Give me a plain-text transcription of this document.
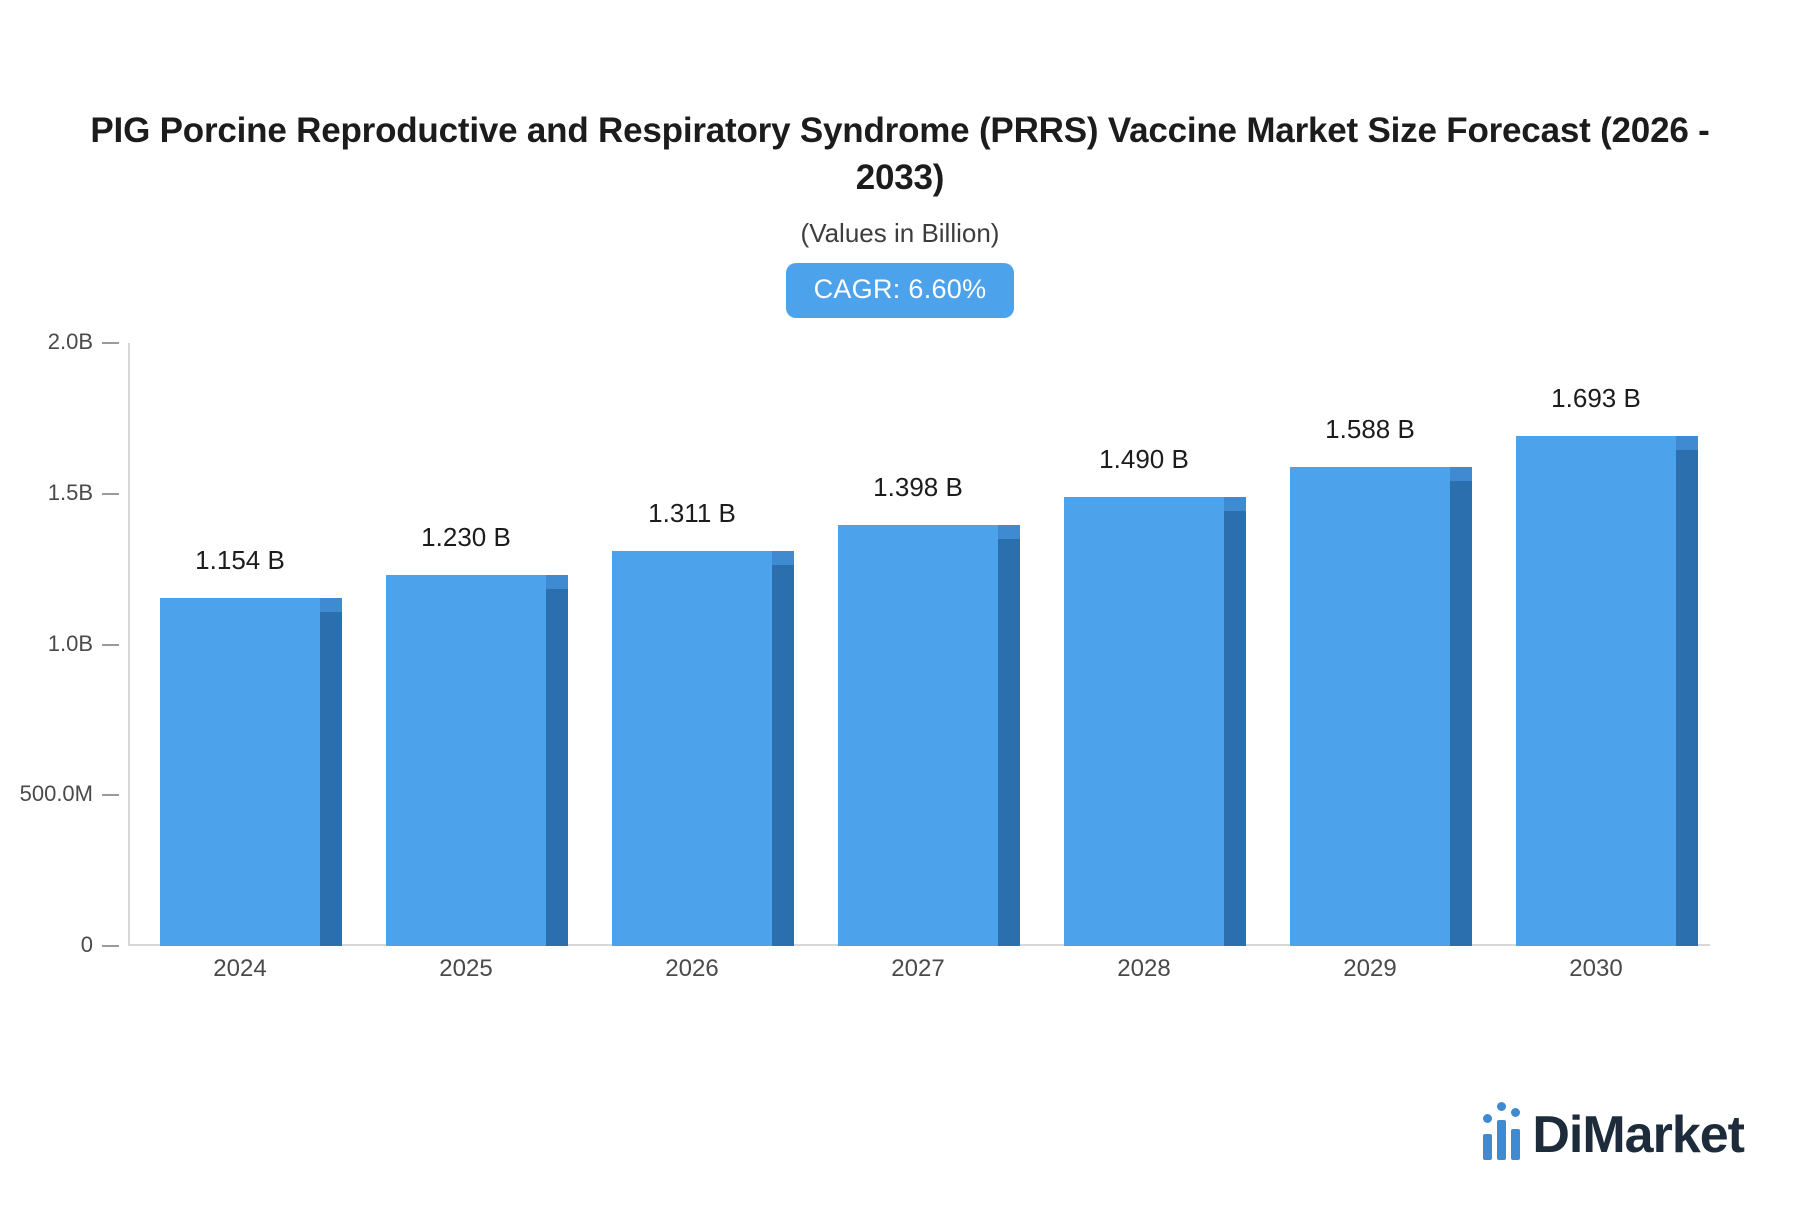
PIG Porcine Reproductive and Respiratory Syndrome (PRRS) Vaccine Market Size Forecast (2026 - 2033)
(Values in Billion)
CAGR: 6.60%
0
500.0M
1.0B
1.5B
2.0B
1.154 B
2024
1.230 B
2025
1.311 B
2026
1.398 B
2027
1.490 B
2028
1.588 B
2029
1.693 B
2030
DiMarket
